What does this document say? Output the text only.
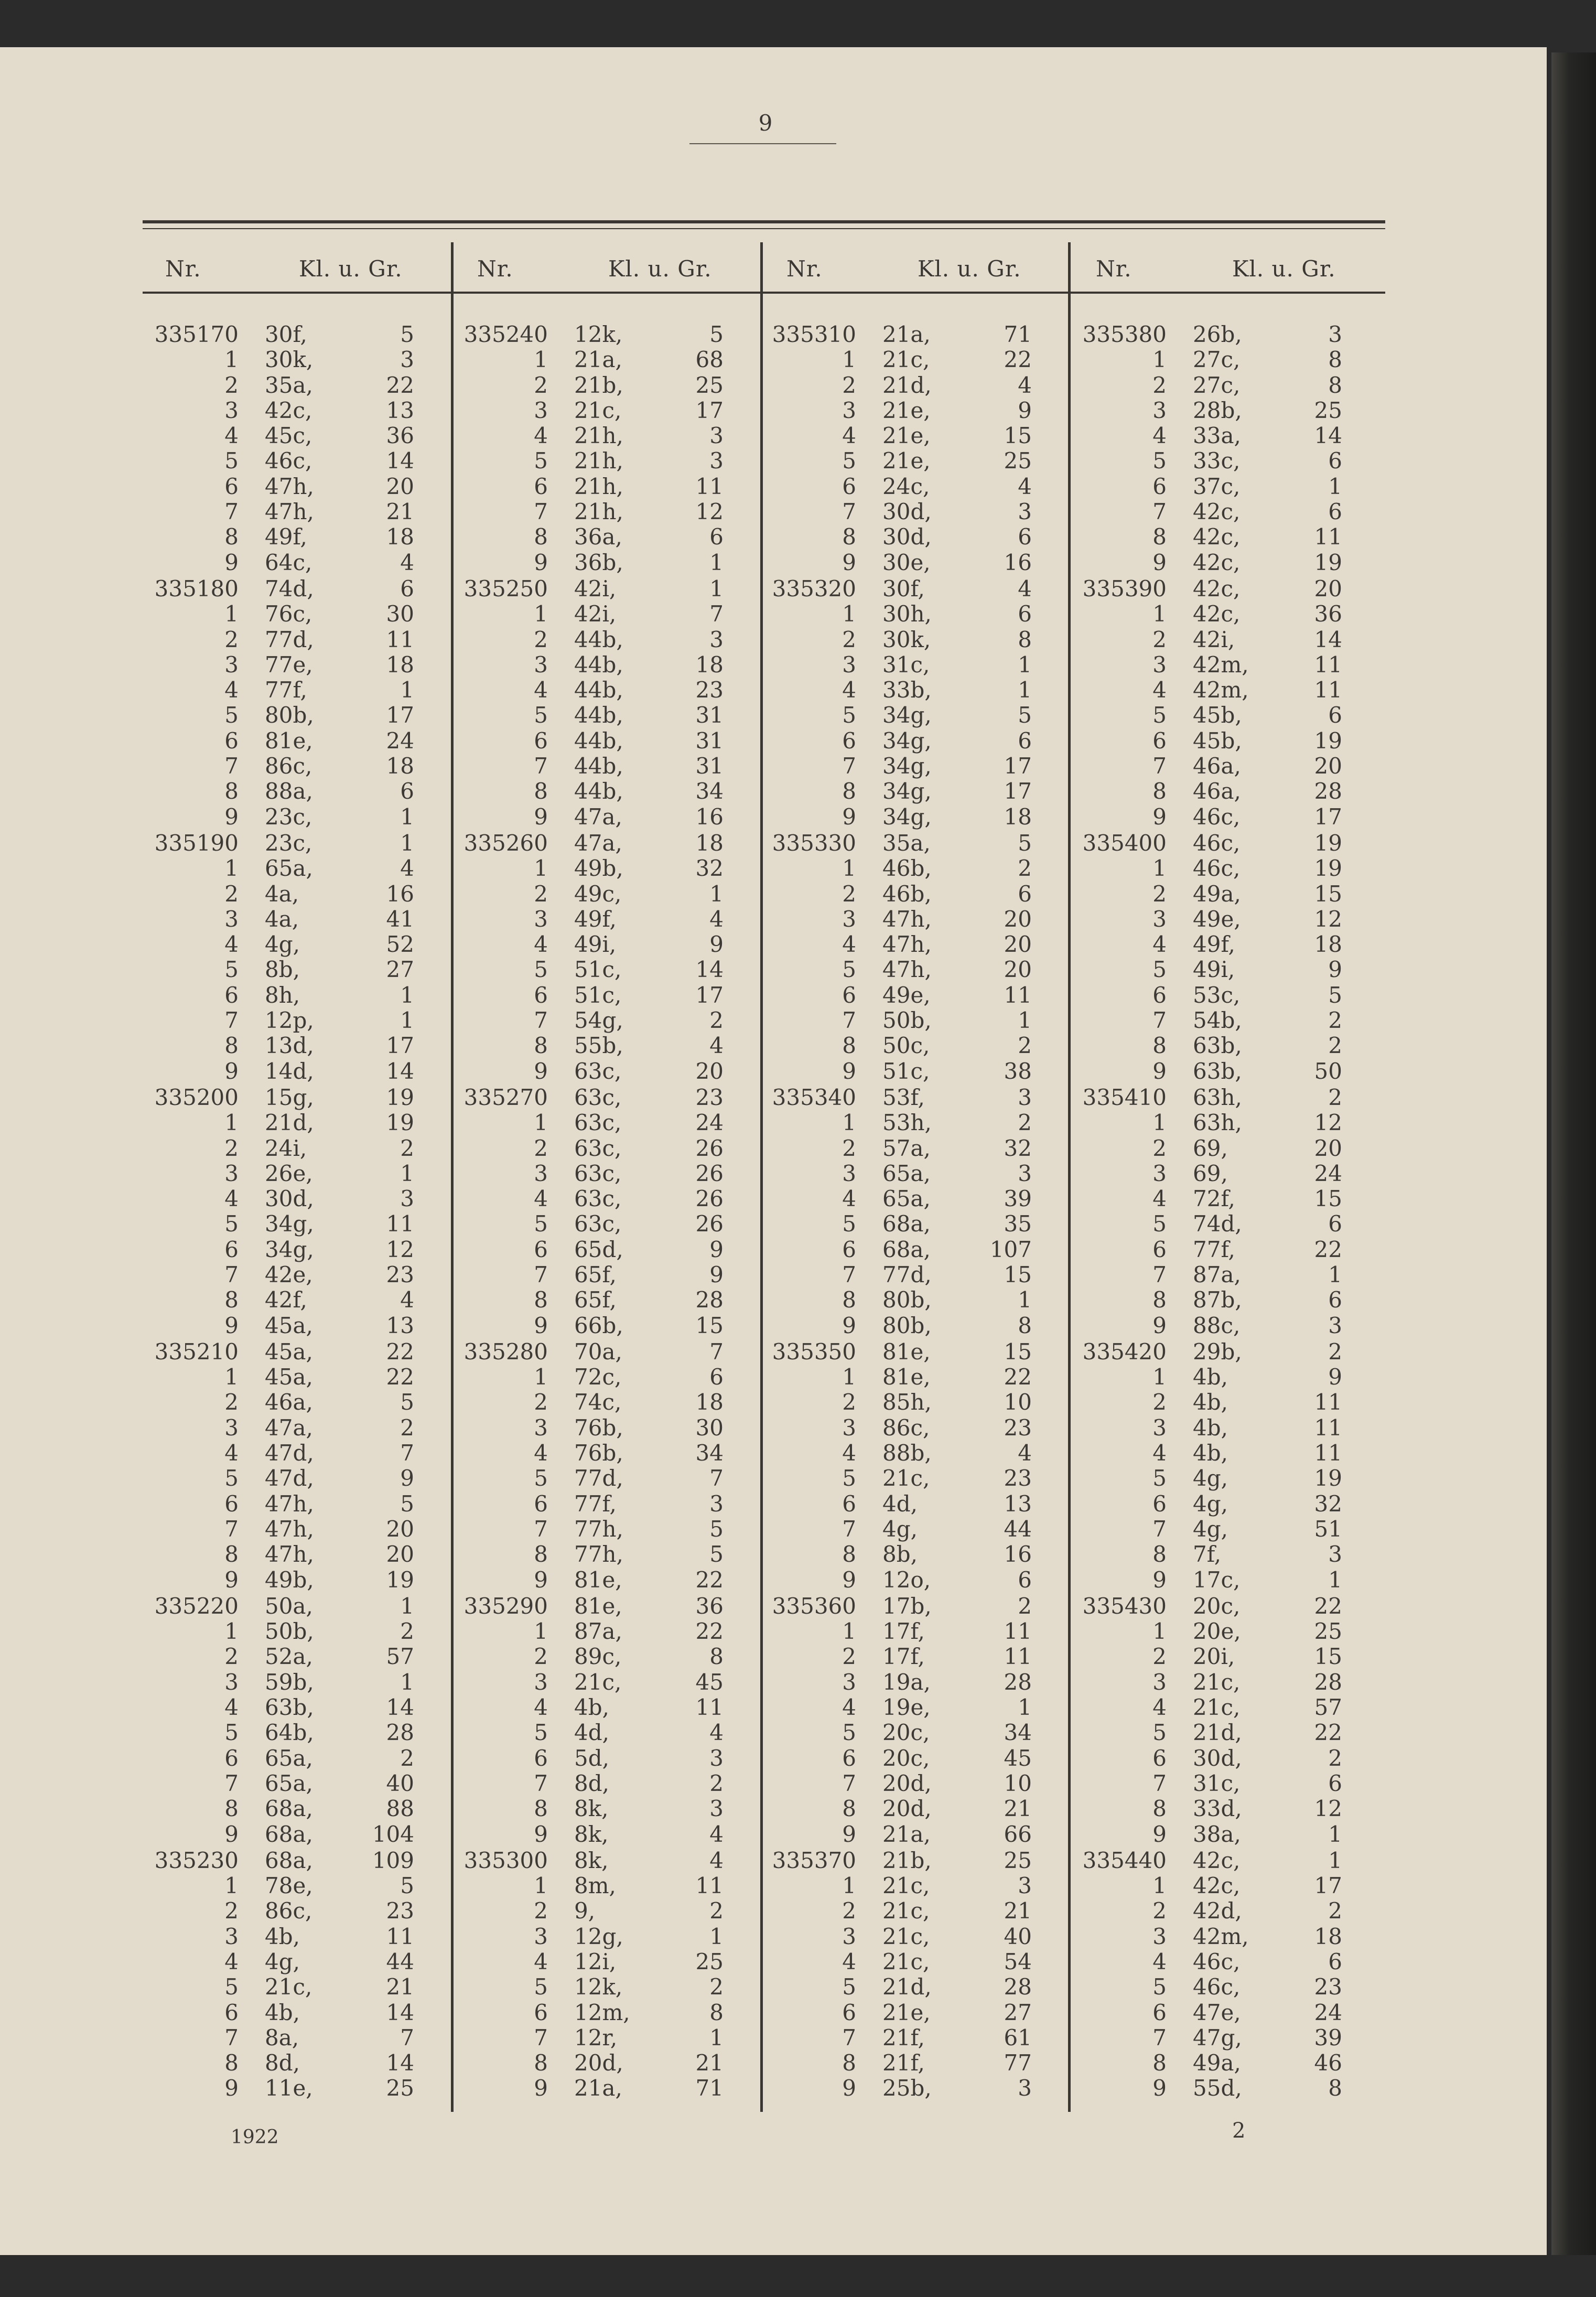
9
Nr.	Kl. u. Gr.	Nr.	Kl. u. Gr.	Nr.	Kl. u. Gr.	Nr.	Kl. u. Gr.
335170 30f,	5
1 30k,	3
2 35a,	22
3 42c,	13
4 45c,	36
5 46c,	14
6 47h,	20
7 47h,	21
8 49f,	18
9 64c,	4
335180 74d,	6
1 76c,	30
2 77d,	11
3 77e,	18
4 77f,	1
5 80b,	17
6 81e,	24
7 86c,	18
8 88a,	6
9 23c,	1
335190 23c,	1
1 65a,	4
2 4a,	16
3 4a,	41
4 4g,	52
5 8b,	27
6 8h,	1
7 12p,	1
8 13d,	17
9 14d,	14
335200 15g,	19
1 21d,	19
2 24i,	2
3 26e,	1
4 30d,	3
5 34g,	11
6 34g,	12
7 42e,	23
8 42f,	4
9 45a,	13
335210 45a,	22
1 45a,	22
2 46a,	5
3 47a,	2
4 47d,	7
5 47d,	9
6 47h,	5
7 47h,	20
8 47h,	20
9 49b,	19
335220 50a,	1
1 50b,	2
2 52a,	57
3 59b,	1
4 63b,	14
5 64b,	28
6 65a,	2
7 65a,	40
8 68a,	88
9 68a,	104
335230 68a,	109
1 78e,	5
2 86c,	23
3 4b,	11
4 4g,	44
5 21c,	21
6 4b,	14
7 8a,	7
8 8d,	14
9 11e,	25
335240 12k,	5
1 21a,	68
2 21b,	25
3 21c,	17
4 21h,	3
5 21h,	3
6 21h,	11
7 21h,	12
8 36a,	6
9 36b,	1
335250 42i,	1
1 42i,	7
2 44b,	3
3 44b,	18
4 44b,	23
5 44b,	31
6 44b,	31
7 44b,	31
8 44b,	34
9 47a,	16
335260 47a,	18
1 49b,	32
2 49c,	1
3 49f,	4
4 49i,	9
5 51c,	14
6 51c,	17
7 54g,	2
8 55b,	4
9 63c,	20
335270 63c,	23
1 63c,	24
2 63c,	26
3 63c,	26
4 63c,	26
5 63c,	26
6 65d,	9
7 65f,	9
8 65f,	28
9 66b,	15
335280 70a,	7
1 72c,	6
2 74c,	18
3 76b,	30
4 76b,	34
5 77d,	7
6 77f,	3
7 77h,	5
8 77h,	5
9 81e,	22
335290 81e,	36
1 87a,	22
2 89c,	8
3 21c,	45
4 4b,	11
5 4d,	4
6 5d,	3
7 8d,	2
8 8k,	3
9 8k,	4
335300 8k,	4
1 8m,	11
2 9,	2
3 12g,	1
4 12i,	25
5 12k,	2
6 12m,	8
7 12r,	1
8 20d,	21
9 21a,	71
335310 21a,	71
1 21c,	22
2 21d,	4
3 21e,	9
4 21e,	15
5 21e,	25
6 24c,	4
7 30d,	3
8 30d,	6
9 30e,	16
335320 30f,	4
1 30h,	6
2 30k,	8
3 31c,	1
4 33b,	1
5 34g,	5
6 34g,	6
7 34g,	17
8 34g,	17
9 34g,	18
335330 35a,	5
1 46b,	2
2 46b,	6
3 47h,	20
4 47h,	20
5 47h,	20
6 49e,	11
7 50b,	1
8 50c,	2
9 51c,	38
335340 53f,	3
1 53h,	2
2 57a,	32
3 65a,	3
4 65a,	39
5 68a,	35
6 68a,	107
7 77d,	15
8 80b,	1
9 80b,	8
335350 81e,	15
1 81e,	22
2 85h,	10
3 86c,	23
4 88b,	4
5 21c,	23
6 4d,	13
7 4g,	44
8 8b,	16
9 12o,	6
335360 17b,	2
1 17f,	11
2 17f,	11
3 19a,	28
4 19e,	1
5 20c,	34
6 20c,	45
7 20d,	10
8 20d,	21
9 21a,	66
335370 21b,	25
1 21c,	3
2 21c,	21
3 21c,	40
4 21c,	54
5 21d,	28
6 21e,	27
7 21f,	61
8 21f,	77
9 25b,	3
335380 26b,	3
1 27c,	8
2 27c,	8
3 28b,	25
4 33a,	14
5 33c,	6
6 37c,	1
7 42c,	6
8 42c,	11
9 42c,	19
335390 42c,	20
1 42c,	36
2 42i,	14
3 42m,	11
4 42m,	11
5 45b,	6
6 45b,	19
7 46a,	20
8 46a,	28
9 46c,	17
335400 46c,	19
1 46c,	19
2 49a,	15
3 49e,	12
4 49f,	18
5 49i,	9
6 53c,	5
7 54b,	2
8 63b,	2
9 63b,	50
335410 63h,	2
1 63h,	12
2 69,	20
3 69,	24
4 72f,	15
5 74d,	6
6 77f,	22
7 87a,	1
8 87b,	6
9 88c,	3
335420 29b,	2
1 4b,	9
2 4b,	11
3 4b,	11
4 4b,	11
5 4g,	19
6 4g,	32
7 4g,	51
8 7f,	3
9 17c,	1
335430 20c,	22
1 20e,	25
2 20i,	15
3 21c,	28
4 21c,	57
5 21d,	22
6 30d,	2
7 31c,	6
8 33d,	12
9 38a,	1
335440 42c,	1
1 42c,	17
2 42d,	2
3 42m,	18
4 46c,	6
5 46c,	23
6 47e,	24
7 47g,	39
8 49a,	46
9 55d,	8
1922	2
